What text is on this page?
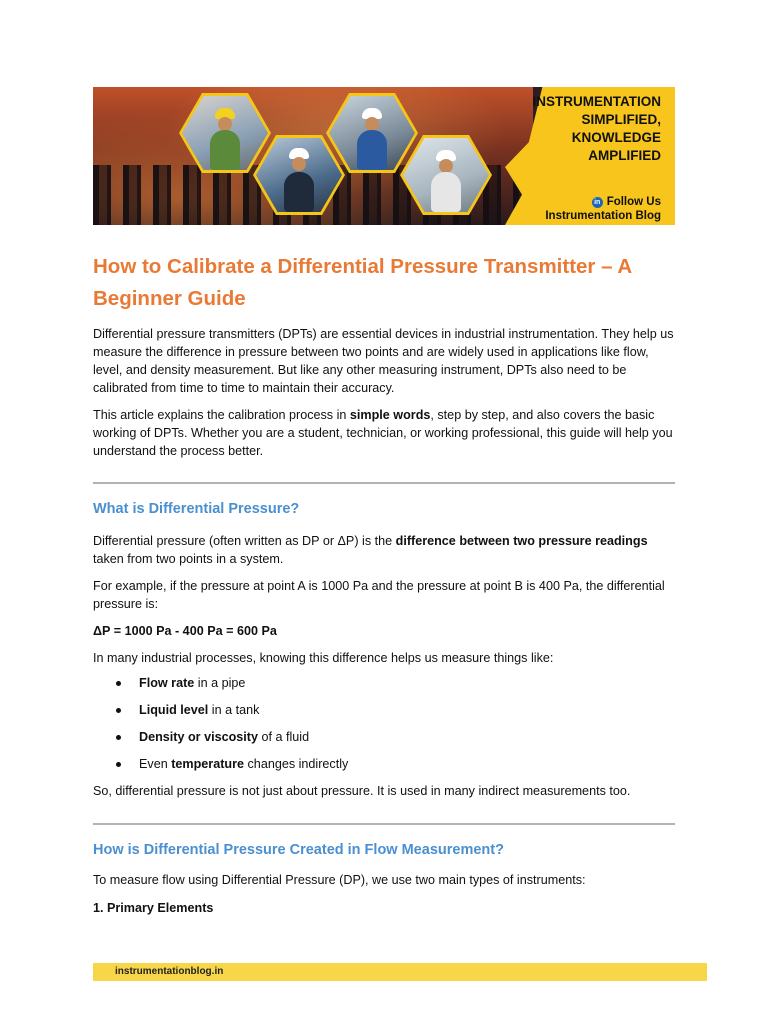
INSTRUMENTATION
SIMPLIFIED,
KNOWLEDGE
AMPLIFIED
in Follow Us
Instrumentation Blog
How to Calibrate a Differential Pressure Transmitter – A Beginner Guide

Differential pressure transmitters (DPTs) are essential devices in industrial instrumentation. They help us measure the difference in pressure between two points and are widely used in applications like flow, level, and density measurement. But like any other measuring instrument, DPTs also need to be calibrated from time to time to maintain their accuracy.

This article explains the calibration process in simple words, step by step, and also covers the basic working of DPTs. Whether you are a student, technician, or working professional, this guide will help you understand the process better.

What is Differential Pressure?

Differential pressure (often written as DP or ΔP) is the difference between two pressure readings taken from two points in a system.

For example, if the pressure at point A is 1000 Pa and the pressure at point B is 400 Pa, the differential pressure is:

ΔP = 1000 Pa - 400 Pa = 600 Pa

In many industrial processes, knowing this difference helps us measure things like:

Flow rate in a pipe
Liquid level in a tank
Density or viscosity of a fluid
Even temperature changes indirectly

So, differential pressure is not just about pressure. It is used in many indirect measurements too.

How is Differential Pressure Created in Flow Measurement?

To measure flow using Differential Pressure (DP), we use two main types of instruments:

1. Primary Elements

instrumentationblog.in
